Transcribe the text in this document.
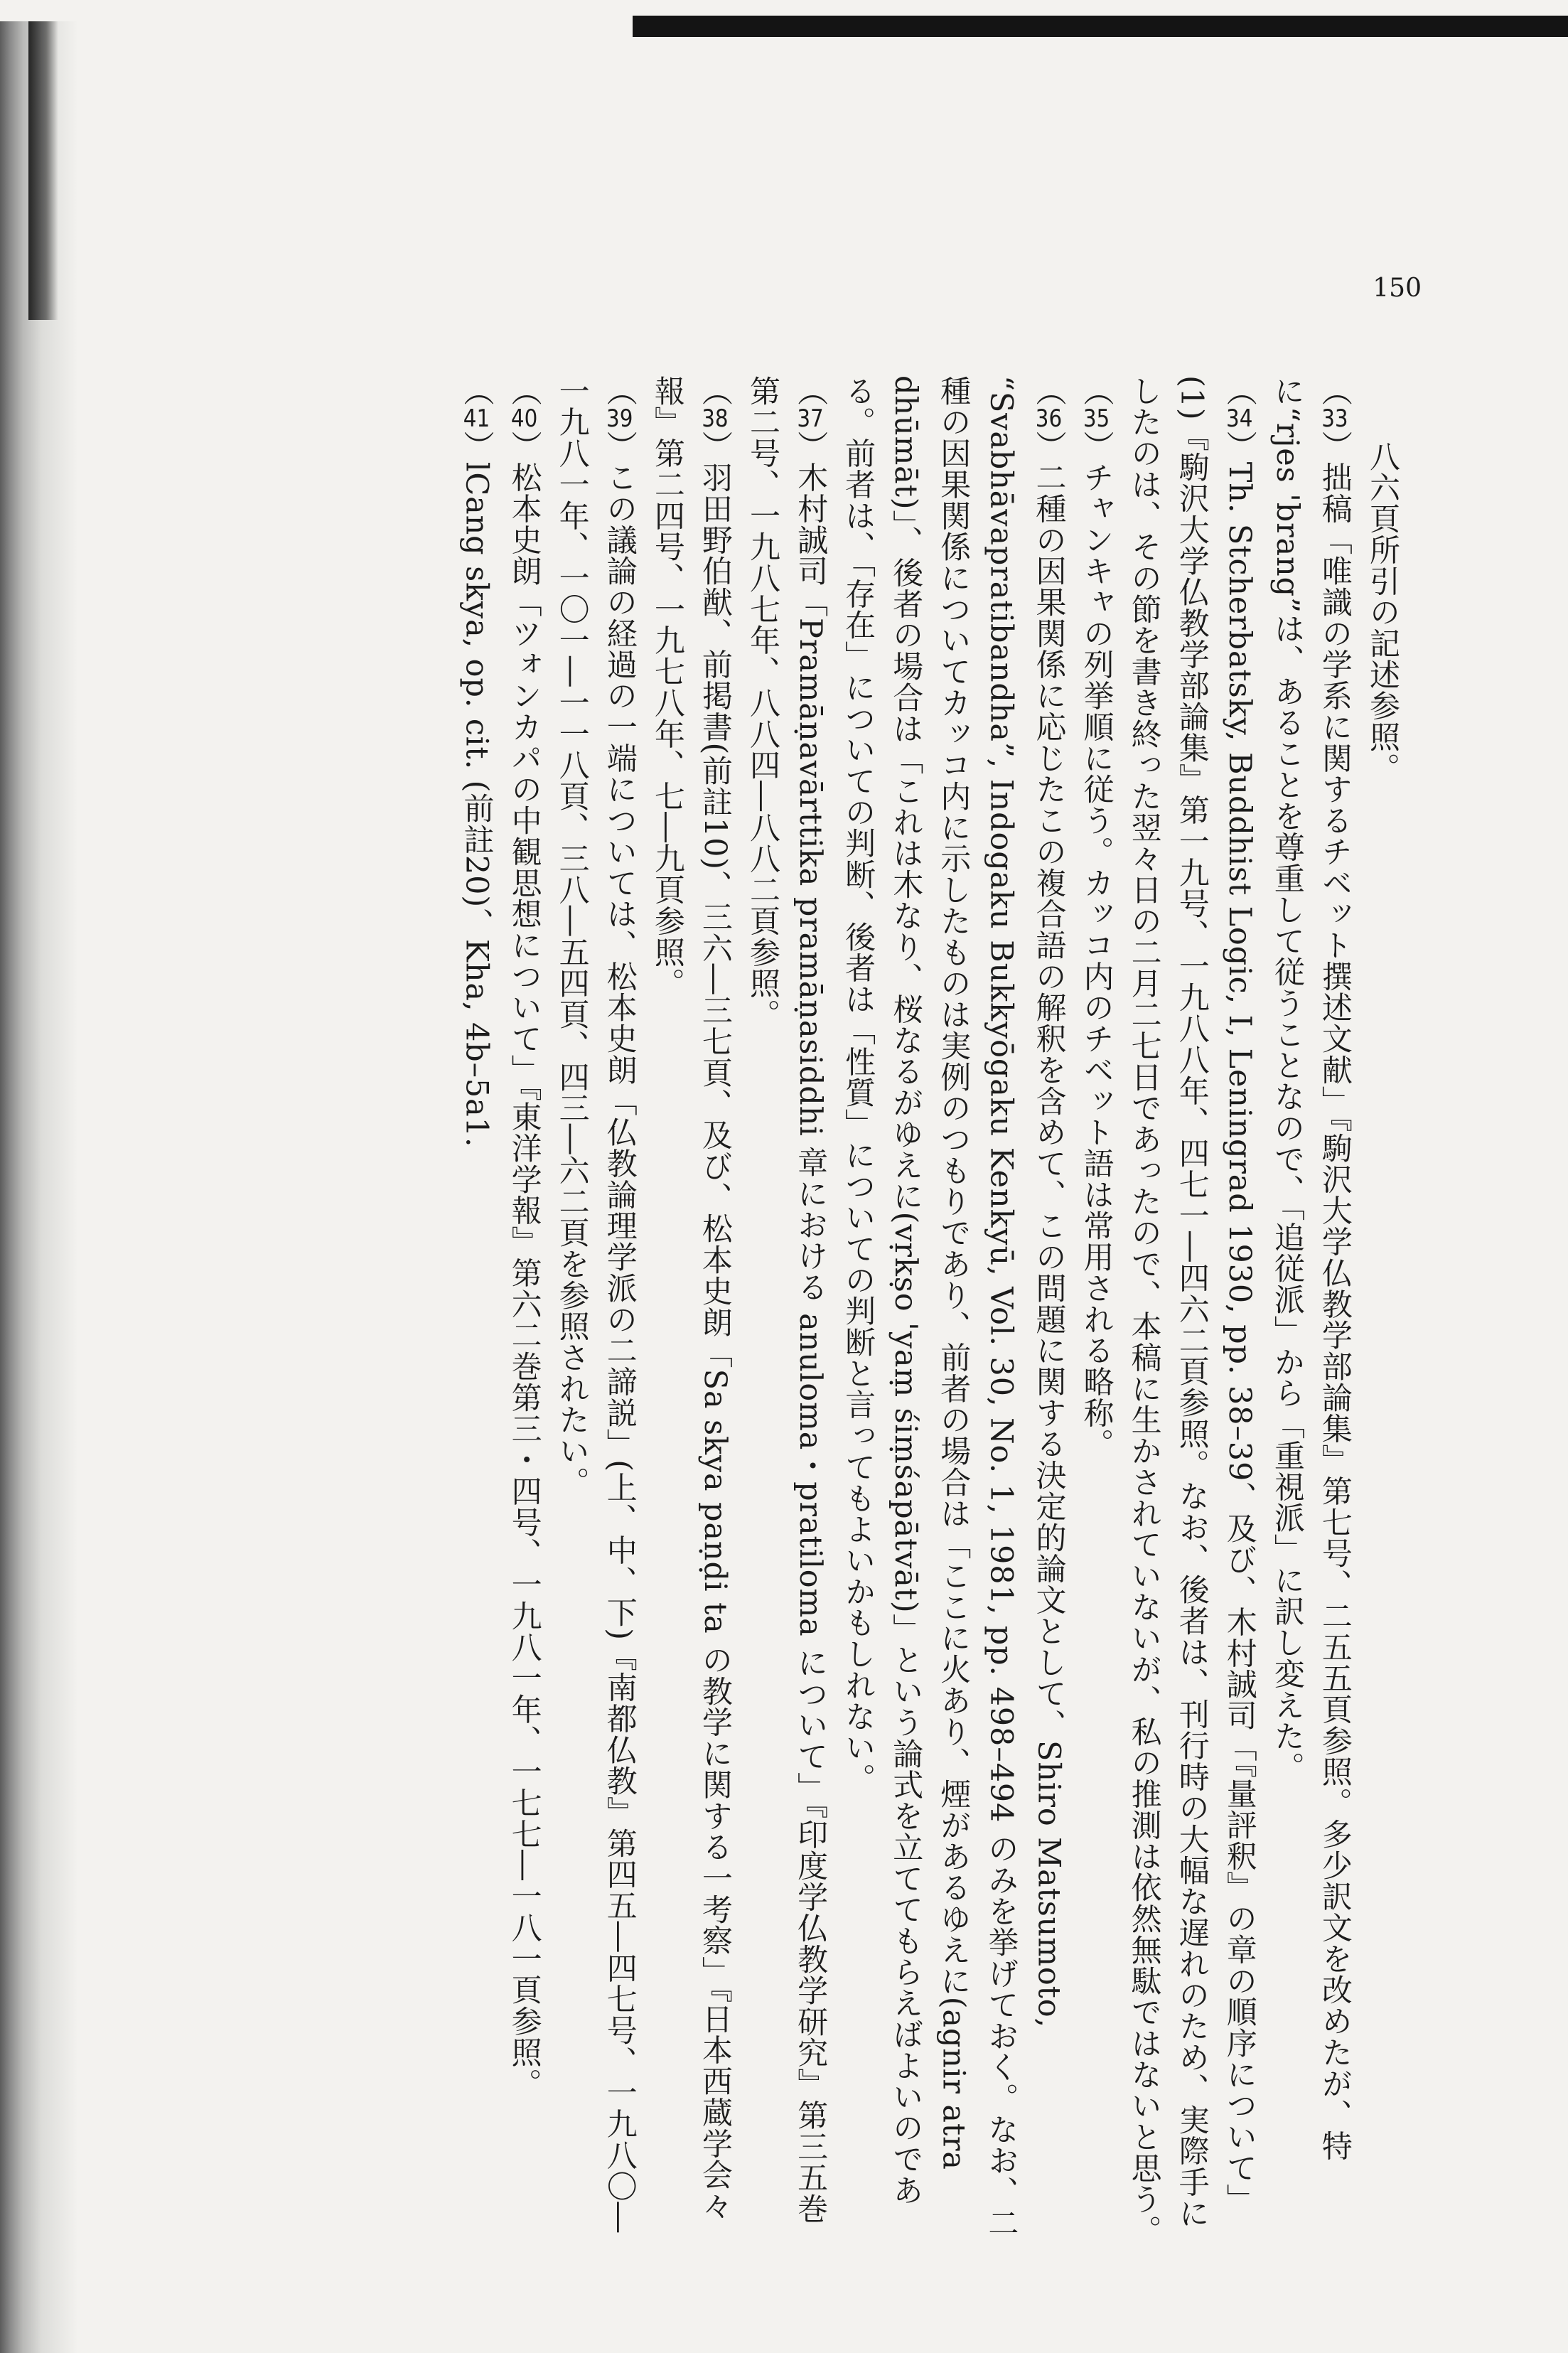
150

八六頁所引の記述参照。

（33）拙稿「唯識の学系に関するチベット撰述文献」『駒沢大学仏教学部論集』第七号、二五五頁参照。多少訳文を改めたが、特に“rjes 'brang”は、あることを尊重して従うことなので、「追従派」から「重視派」に訳し変えた。

（34）Th. Stcherbatsky, Buddhist Logic, I, Leningrad 1930, pp. 38–39、及び、木村誠司「『量評釈』の章の順序について」(1)『駒沢大学仏教学部論集』第一九号、一九八八年、四七一―四六二頁参照。なお、後者は、刊行時の大幅な遅れのため、実際手にしたのは、その節を書き終った翌々日の二月二七日であったので、本稿に生かされていないが、私の推測は依然無駄ではないと思う。

（35）チャンキャの列挙順に従う。カッコ内のチベット語は常用される略称。

（36）二種の因果関係に応じたこの複合語の解釈を含めて、この問題に関する決定的論文として、Shiro Matsumoto, “Svabhāvapratibandha”, Indogaku Bukkyōgaku Kenkyū, Vol. 30, No. 1, 1981, pp. 498–494 のみを挙げておく。なお、二種の因果関係についてカッコ内に示したものは実例のつもりであり、前者の場合は「ここに火あり、煙があるゆえに(agnir atra dhūmāt)」、後者の場合は「これは木なり、桜なるがゆえに(vṛkṣo 'yaṃ śiṃśapātvāt)」という論式を立ててもらえばよいのである。前者は、「存在」についての判断、後者は「性質」についての判断と言ってもよいかもしれない。

（37）木村誠司「Pramāṇavārttika pramāṇasiddhi 章における anuloma・pratiloma について」『印度学仏教学研究』第三五巻第二号、一九八七年、八八四―八八二頁参照。

（38）羽田野伯猷、前掲書(前註10)、三六―三七頁、及び、松本史朗「Sa skya paṇḍi ta の教学に関する一考察」『日本西蔵学会々報』第二四号、一九七八年、七―九頁参照。

（39）この議論の経過の一端については、松本史朗「仏教論理学派の二諦説」(上、中、下)『南都仏教』第四五―四七号、一九八〇―一九八一年、一〇一―一一八頁、三八―五四頁、四三―六二頁を参照されたい。

（40）松本史朗「ツォンカパの中観思想について」『東洋学報』第六二巻第三・四号、一九八一年、一七七―一八一頁参照。

（41）lCang skya, op. cit. (前註20)、Kha, 4b–5a1.
